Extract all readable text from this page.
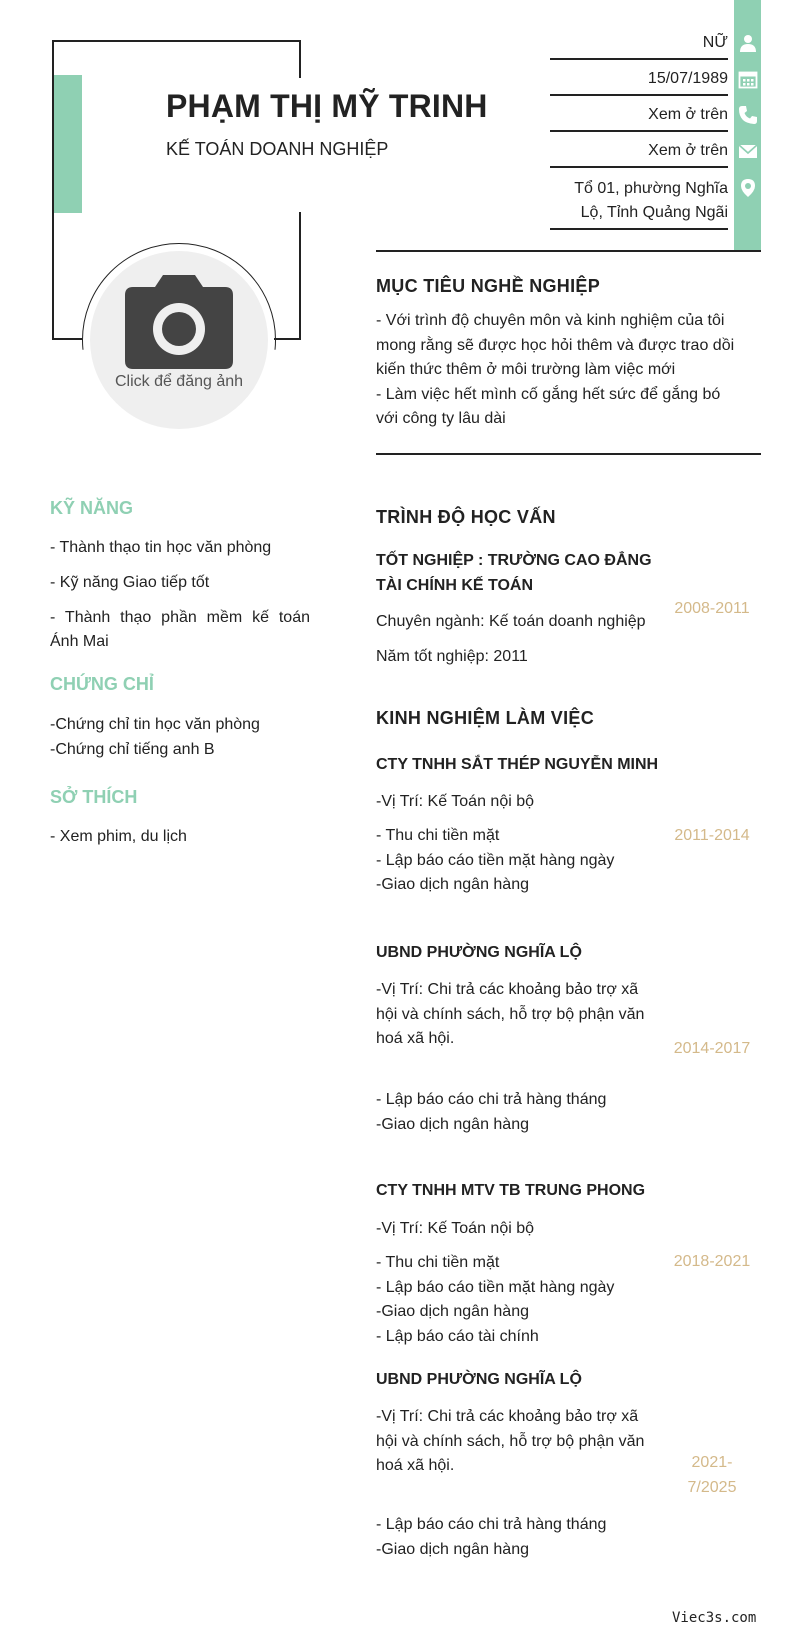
PHẠM THỊ MỸ TRINH
KẾ TOÁN DOANH NGHIỆP
Click để đăng ảnh
NỮ
15/07/1989
Xem ở trên
Xem ở trên
Tổ 01, phường Nghĩa
Lộ, Tỉnh Quảng Ngãi
MỤC TIÊU NGHỀ NGHIỆP
- Với trình độ chuyên môn và kinh nghiệm của tôi
mong rằng sẽ được học hỏi thêm và được trao dồi
kiến thức thêm ở môi trường làm việc mới
- Làm việc hết mình cố gắng hết sức để gắng bó
với công ty lâu dài
KỸ NĂNG
- Thành thạo tin học văn phòng
- Kỹ năng Giao tiếp tốt
- Thành thạo phần mềm kế toán
Ánh Mai
CHỨNG CHỈ
-Chứng chỉ tin học văn phòng
-Chứng chỉ tiếng anh B
SỞ THÍCH
- Xem phim, du lịch
TRÌNH ĐỘ HỌC VẤN
TỐT NGHIỆP : TRƯỜNG CAO ĐẲNG
TÀI CHÍNH KẾ TOÁN
Chuyên ngành: Kế toán doanh nghiệp
Năm tốt nghiệp: 2011
2008-2011
KINH NGHIỆM LÀM VIỆC
CTY TNHH SẮT THÉP NGUYỄN MINH
-Vị Trí: Kế Toán nội bộ
- Thu chi tiền mặt
- Lập báo cáo tiền mặt hàng ngày
-Giao dịch ngân hàng
2011-2014
UBND PHƯỜNG NGHĨA LỘ
-Vị Trí: Chi trả các khoảng bảo trợ xã
hội và chính sách, hỗ trợ bộ phận văn
hoá xã hội.
- Lập báo cáo chi trả hàng tháng
-Giao dịch ngân hàng
2014-2017
CTY TNHH MTV TB TRUNG PHONG
-Vị Trí: Kế Toán nội bộ
- Thu chi tiền mặt
- Lập báo cáo tiền mặt hàng ngày
-Giao dịch ngân hàng
- Lập báo cáo tài chính
2018-2021
UBND PHƯỜNG NGHĨA LỘ
-Vị Trí: Chi trả các khoảng bảo trợ xã
hội và chính sách, hỗ trợ bộ phận văn
hoá xã hội.
- Lập báo cáo chi trả hàng tháng
-Giao dịch ngân hàng
2021-
7/2025
Viec3s.com
